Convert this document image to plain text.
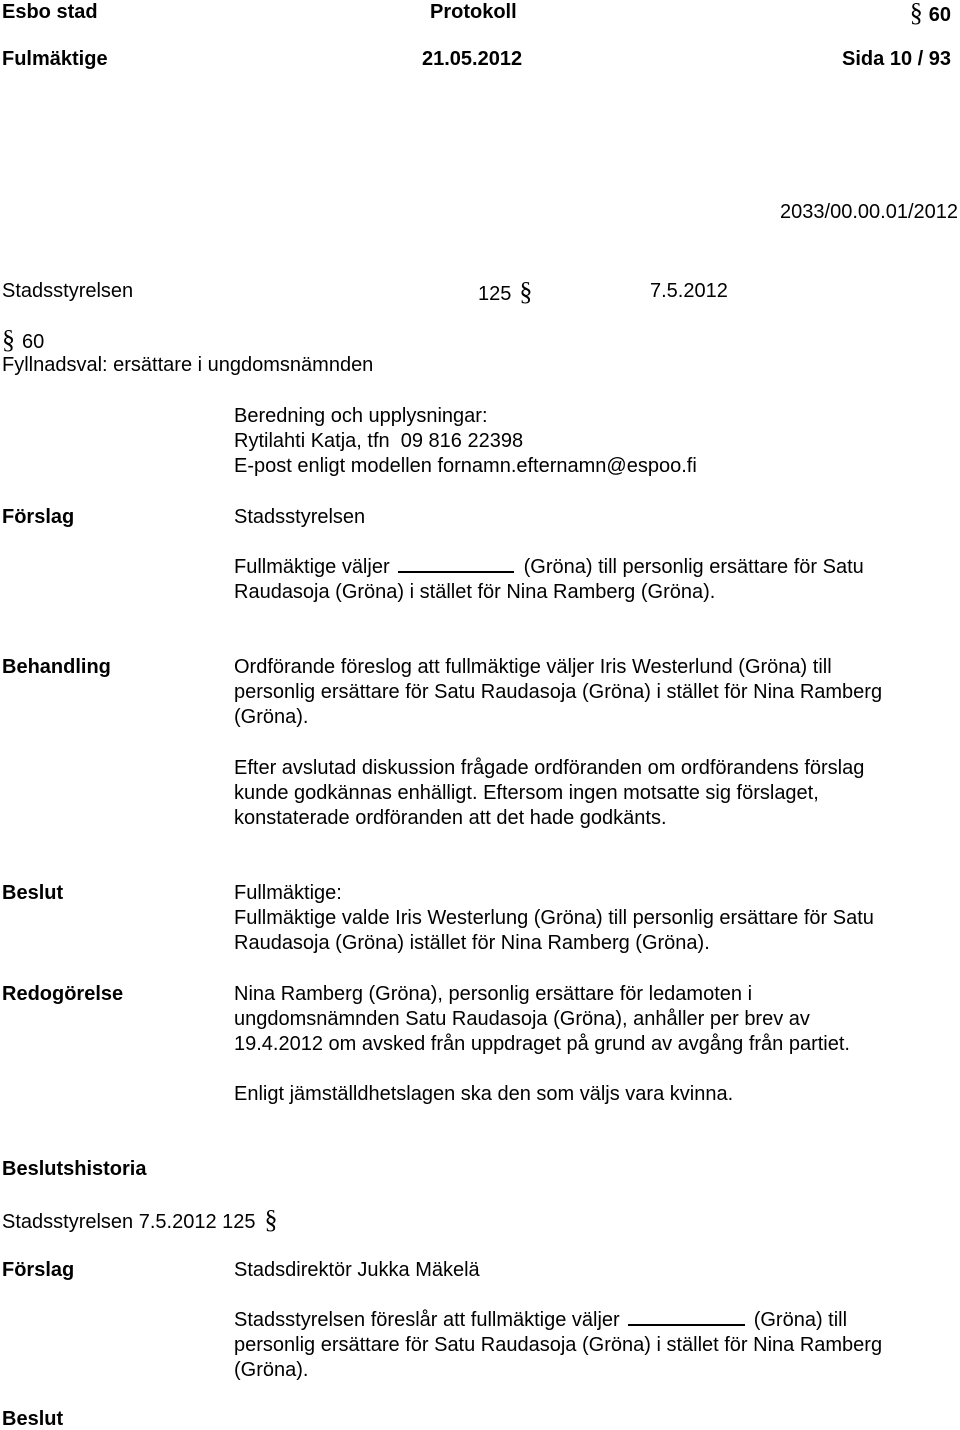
Esbo stad	Protokoll	§ 60
Fulmäktige	21.05.2012	Sida 10 / 93
2033/00.00.01/2012
Stadsstyrelsen	125 §	7.5.2012
§ 60
Fyllnadsval: ersättare i ungdomsnämnden
Beredning och upplysningar:
Rytilahti Katja, tfn  09 816 22398
E-post enligt modellen fornamn.efternamn@espoo.fi
Förslag	Stadsstyrelsen
Fullmäktige väljer	(Gröna) till personlig ersättare för Satu
Raudasoja (Gröna) i stället för Nina Ramberg (Gröna).
Behandling	Ordförande föreslog att fullmäktige väljer Iris Westerlund (Gröna) till
personlig ersättare för Satu Raudasoja (Gröna) i stället för Nina Ramberg
(Gröna).
Efter avslutad diskussion frågade ordföranden om ordförandens förslag
kunde godkännas enhälligt. Eftersom ingen motsatte sig förslaget,
konstaterade ordföranden att det hade godkänts.
Beslut	Fullmäktige:
Fullmäktige valde Iris Westerlung (Gröna) till personlig ersättare för Satu
Raudasoja (Gröna) istället för Nina Ramberg (Gröna).
Redogörelse	Nina Ramberg (Gröna), personlig ersättare för ledamoten i
ungdomsnämnden Satu Raudasoja (Gröna), anhåller per brev av
19.4.2012 om avsked från uppdraget på grund av avgång från partiet.
Enligt jämställdhetslagen ska den som väljs vara kvinna.
Beslutshistoria
Stadsstyrelsen 7.5.2012 125 §
Förslag	Stadsdirektör Jukka Mäkelä
Stadsstyrelsen föreslår att fullmäktige väljer	(Gröna) till
personlig ersättare för Satu Raudasoja (Gröna) i stället för Nina Ramberg
(Gröna).
Beslut
